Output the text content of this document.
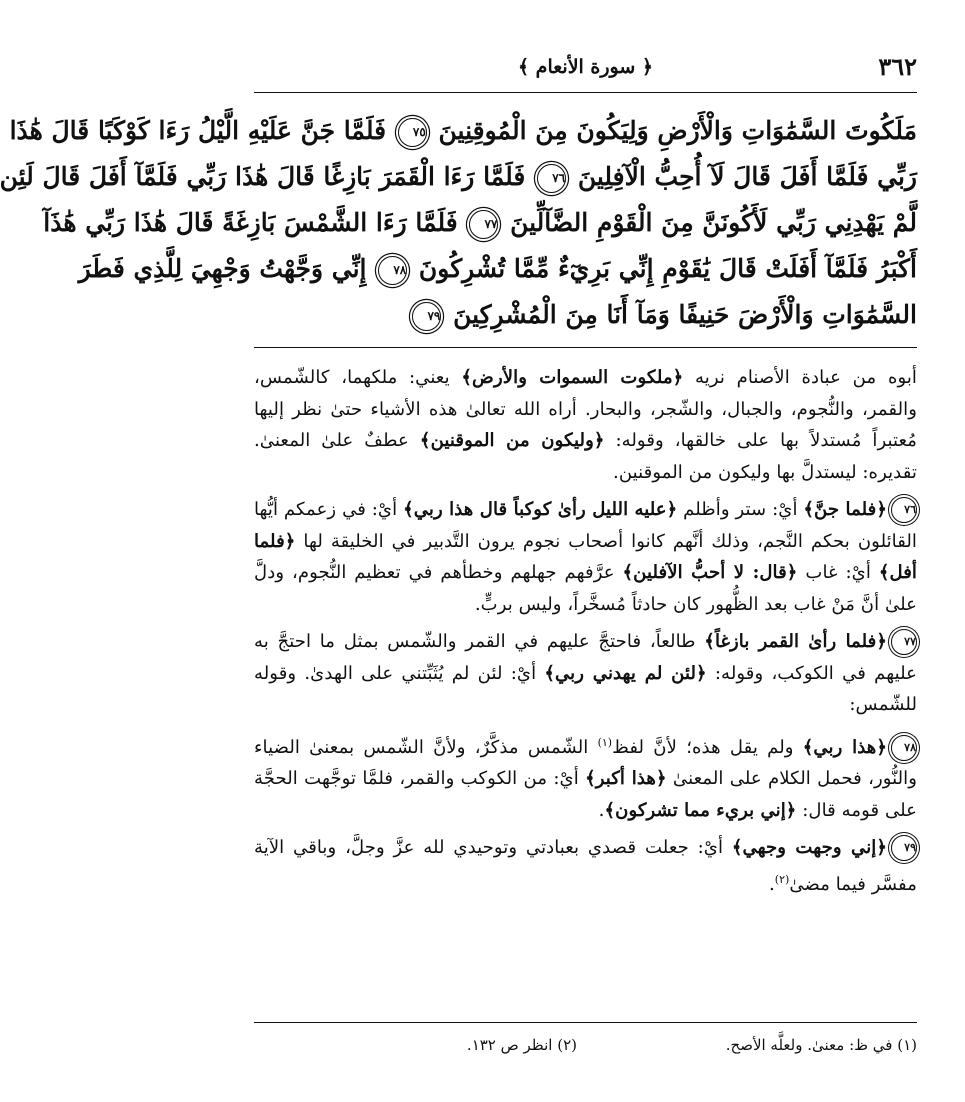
٣٦٢
﴿ سورة الأنعام ﴾
مَلَكُوتَ السَّمَٰوَاتِ وَالْأَرْضِ وَلِيَكُونَ مِنَ الْمُوقِنِينَ ٧٥ فَلَمَّا جَنَّ عَلَيْهِ الَّيْلُ رَءَا كَوْكَبًا قَالَ هَٰذَا
رَبِّي فَلَمَّا أَفَلَ قَالَ لَآ أُحِبُّ الْآفِلِينَ ٧٦ فَلَمَّا رَءَا الْقَمَرَ بَازِغًا قَالَ هَٰذَا رَبِّي فَلَمَّآ أَفَلَ قَالَ لَئِن
لَّمْ يَهْدِنِي رَبِّي لَأَكُونَنَّ مِنَ الْقَوْمِ الضَّآلِّينَ ٧٧ فَلَمَّا رَءَا الشَّمْسَ بَازِغَةً قَالَ هَٰذَا رَبِّي هَٰذَآ
أَكْبَرُ فَلَمَّآ أَفَلَتْ قَالَ يَٰقَوْمِ إِنِّي بَرِيٓءٌ مِّمَّا تُشْرِكُونَ ٧٨ إِنِّي وَجَّهْتُ وَجْهِيَ لِلَّذِي فَطَرَ
السَّمَٰوَاتِ وَالْأَرْضَ حَنِيفًا وَمَآ أَنَا مِنَ الْمُشْرِكِينَ ٧٩

أبوه من عبادة الأصنام نريه ﴿ملكوت السموات والأرض﴾ يعني: ملكهما، كالشّمس، والقمر، والنُّجوم، والجبال، والشّجر، والبحار. أراه الله تعالىٰ هذه الأشياء حتىٰ نظر إليها مُعتبراً مُستدلاً بها على خالقها، وقوله: ﴿وليكون من الموقنين﴾ عطفٌ علىٰ المعنىٰ. تقديره: ليستدلَّ بها وليكون من الموقنين.

٧٦﴿فلما جنَّ﴾ أيْ: ستر وأظلم ﴿عليه الليل رأىٰ كوكباً قال هذا ربي﴾ أيْ: في زعمكم أيُّها القائلون بحكم النَّجم، وذلك أنَّهم كانوا أصحاب نجوم يرون التَّدبير في الخليقة لها ﴿فلما أفل﴾ أيْ: غاب ﴿قال: لا أحبُّ الآفلين﴾ عرَّفهم جهلهم وخطأهم في تعظيم النُّجوم، ودلَّ علىٰ أنَّ مَنْ غاب بعد الظُّهور كان حادثاً مُسخَّراً، وليس بربٍّ.

٧٧﴿فلما رأىٰ القمر بازغاً﴾ طالعاً، فاحتجَّ عليهم في القمر والشّمس بمثل ما احتجَّ به عليهم في الكوكب، وقوله: ﴿لئن لم يهدني ربي﴾ أيْ: لئن لم يُثَبِّتني على الهدىٰ. وقوله للشّمس:

٧٨﴿هذا ربي﴾ ولم يقل هذه؛ لأنَّ لفظ$^{(١)}$ الشّمس مذكَّرٌ، ولأنَّ الشّمس بمعنىٰ الضياء والنُّور، فحمل الكلام على المعنىٰ ﴿هذا أكبر﴾ أيْ: من الكوكب والقمر، فلمَّا توجَّهت الحجَّة على قومه قال: ﴿إني بريء مما تشركون﴾.

٧٩﴿إني وجهت وجهي﴾ أيْ: جعلت قصدي بعبادتي وتوحيدي لله عزَّ وجلَّ، وباقي الآية مفسَّر فيما مضىٰ$^{(٢)}$.

(١) في ظ: معنىٰ. ولعلَّه الأصح.
(٢) انظر ص ١٣٢.
